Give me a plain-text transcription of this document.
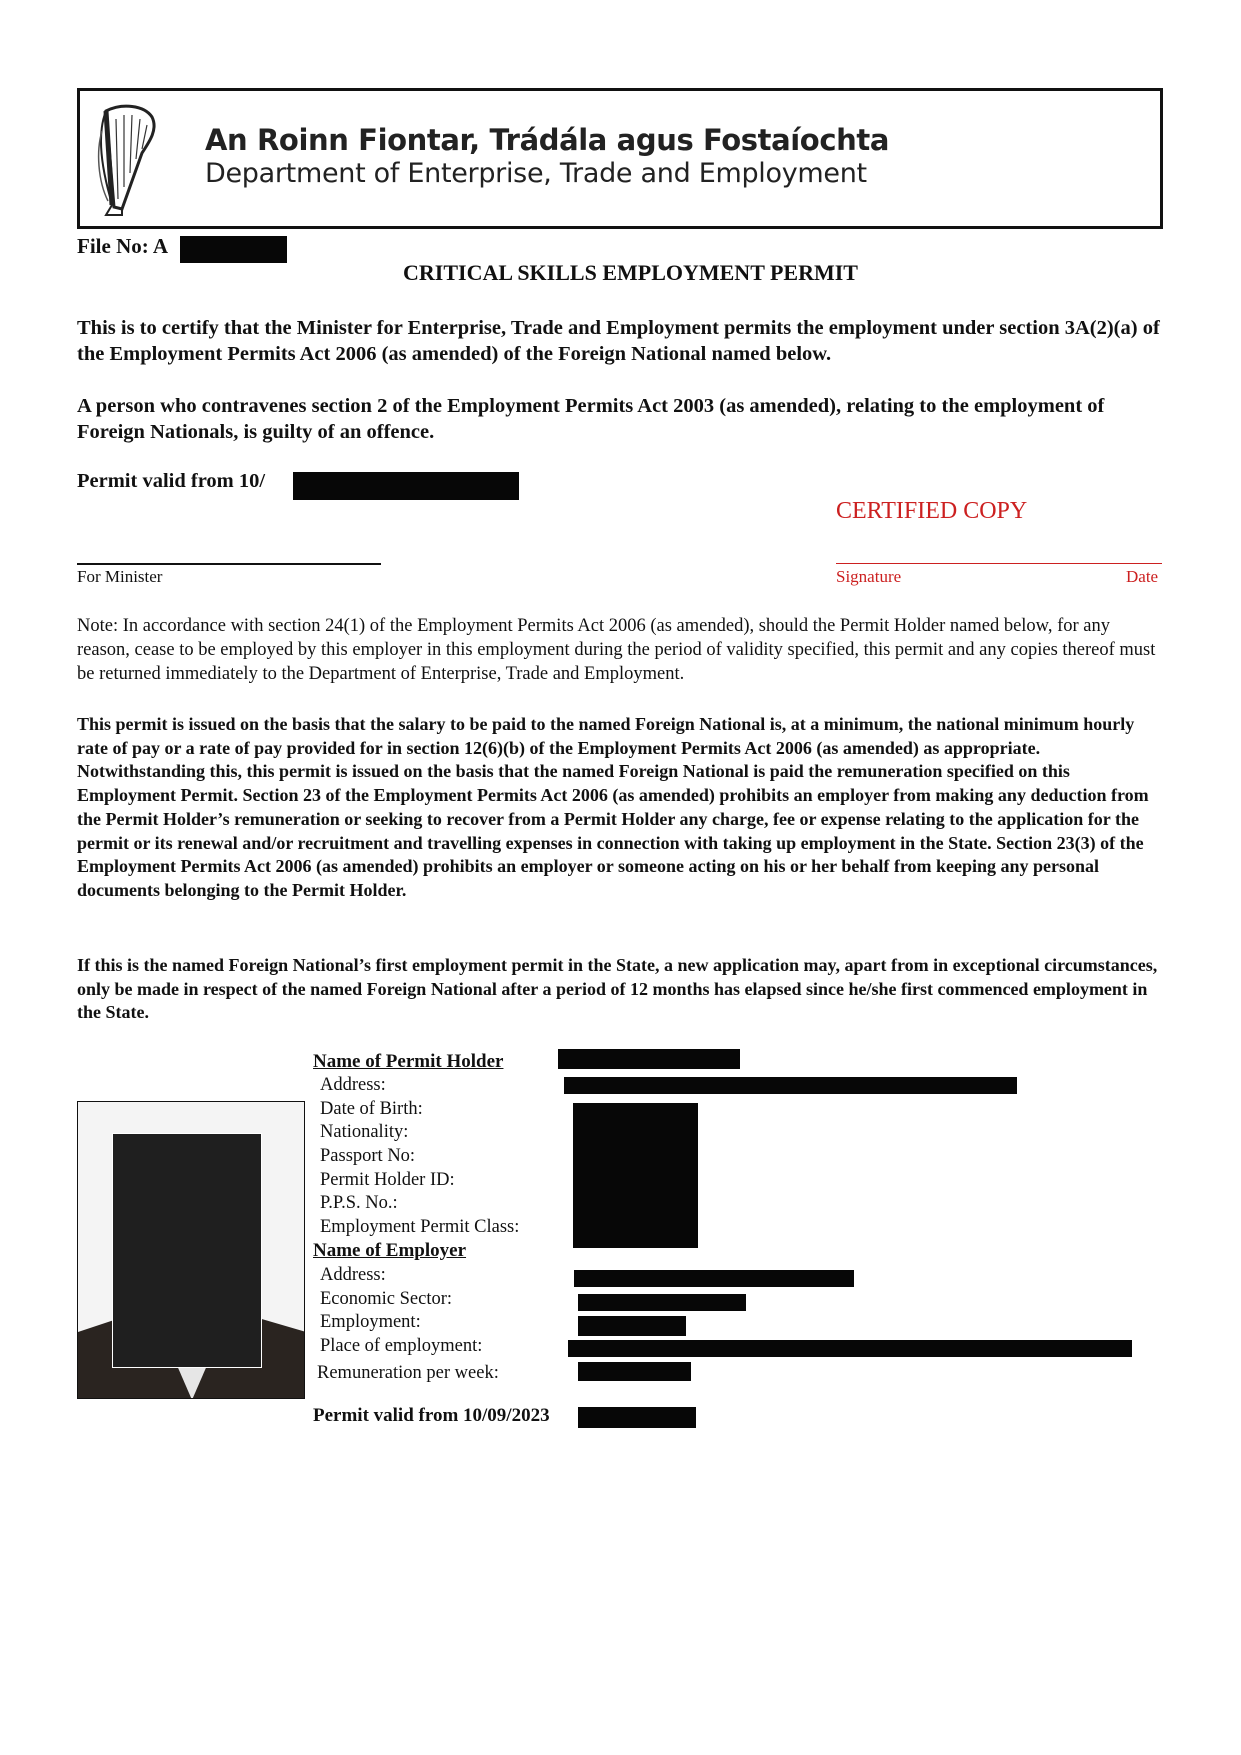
An Roinn Fiontar, Trádála agus Fostaíochta
Department of Enterprise, Trade and Employment
File No: A
CRITICAL SKILLS EMPLOYMENT PERMIT
This is to certify that the Minister for Enterprise, Trade and Employment permits the employment under section 3A(2)(a) of the Employment Permits Act 2006 (as amended) of the Foreign National named below.
A person who contravenes section 2 of the Employment Permits Act 2003 (as amended), relating to the employment of Foreign Nationals, is guilty of an offence.
Permit valid from 10/
CERTIFIED COPY
For Minister	Signature	Date
Note: In accordance with section 24(1) of the Employment Permits Act 2006 (as amended), should the Permit Holder named below, for any reason, cease to be employed by this employer in this employment during the period of validity specified, this permit and any copies thereof must be returned immediately to the Department of Enterprise, Trade and Employment.
This permit is issued on the basis that the salary to be paid to the named Foreign National is, at a minimum, the national minimum hourly rate of pay or a rate of pay provided for in section 12(6)(b) of the Employment Permits Act 2006 (as amended) as appropriate. Notwithstanding this, this permit is issued on the basis that the named Foreign National is paid the remuneration specified on this Employment Permit. Section 23 of the Employment Permits Act 2006 (as amended) prohibits an employer from making any deduction from the Permit Holder’s remuneration or seeking to recover from a Permit Holder any charge, fee or expense relating to the application for the permit or its renewal and/or recruitment and travelling expenses in connection with taking up employment in the State. Section 23(3) of the Employment Permits Act 2006 (as amended) prohibits an employer or someone acting on his or her behalf from keeping any personal documents belonging to the Permit Holder.
If this is the named Foreign National’s first employment permit in the State, a new application may, apart from in exceptional circumstances, only be made in respect of the named Foreign National after a period of 12 months has elapsed since he/she first commenced employment in the State.
Name of Permit Holder
Address:
Date of Birth:
Nationality:
Passport No:
Permit Holder ID:
P.P.S. No.:
Employment Permit Class:
Name of Employer
Address:
Economic Sector:
Employment:
Place of employment:
Remuneration per week:
Permit valid from 10/09/2023
